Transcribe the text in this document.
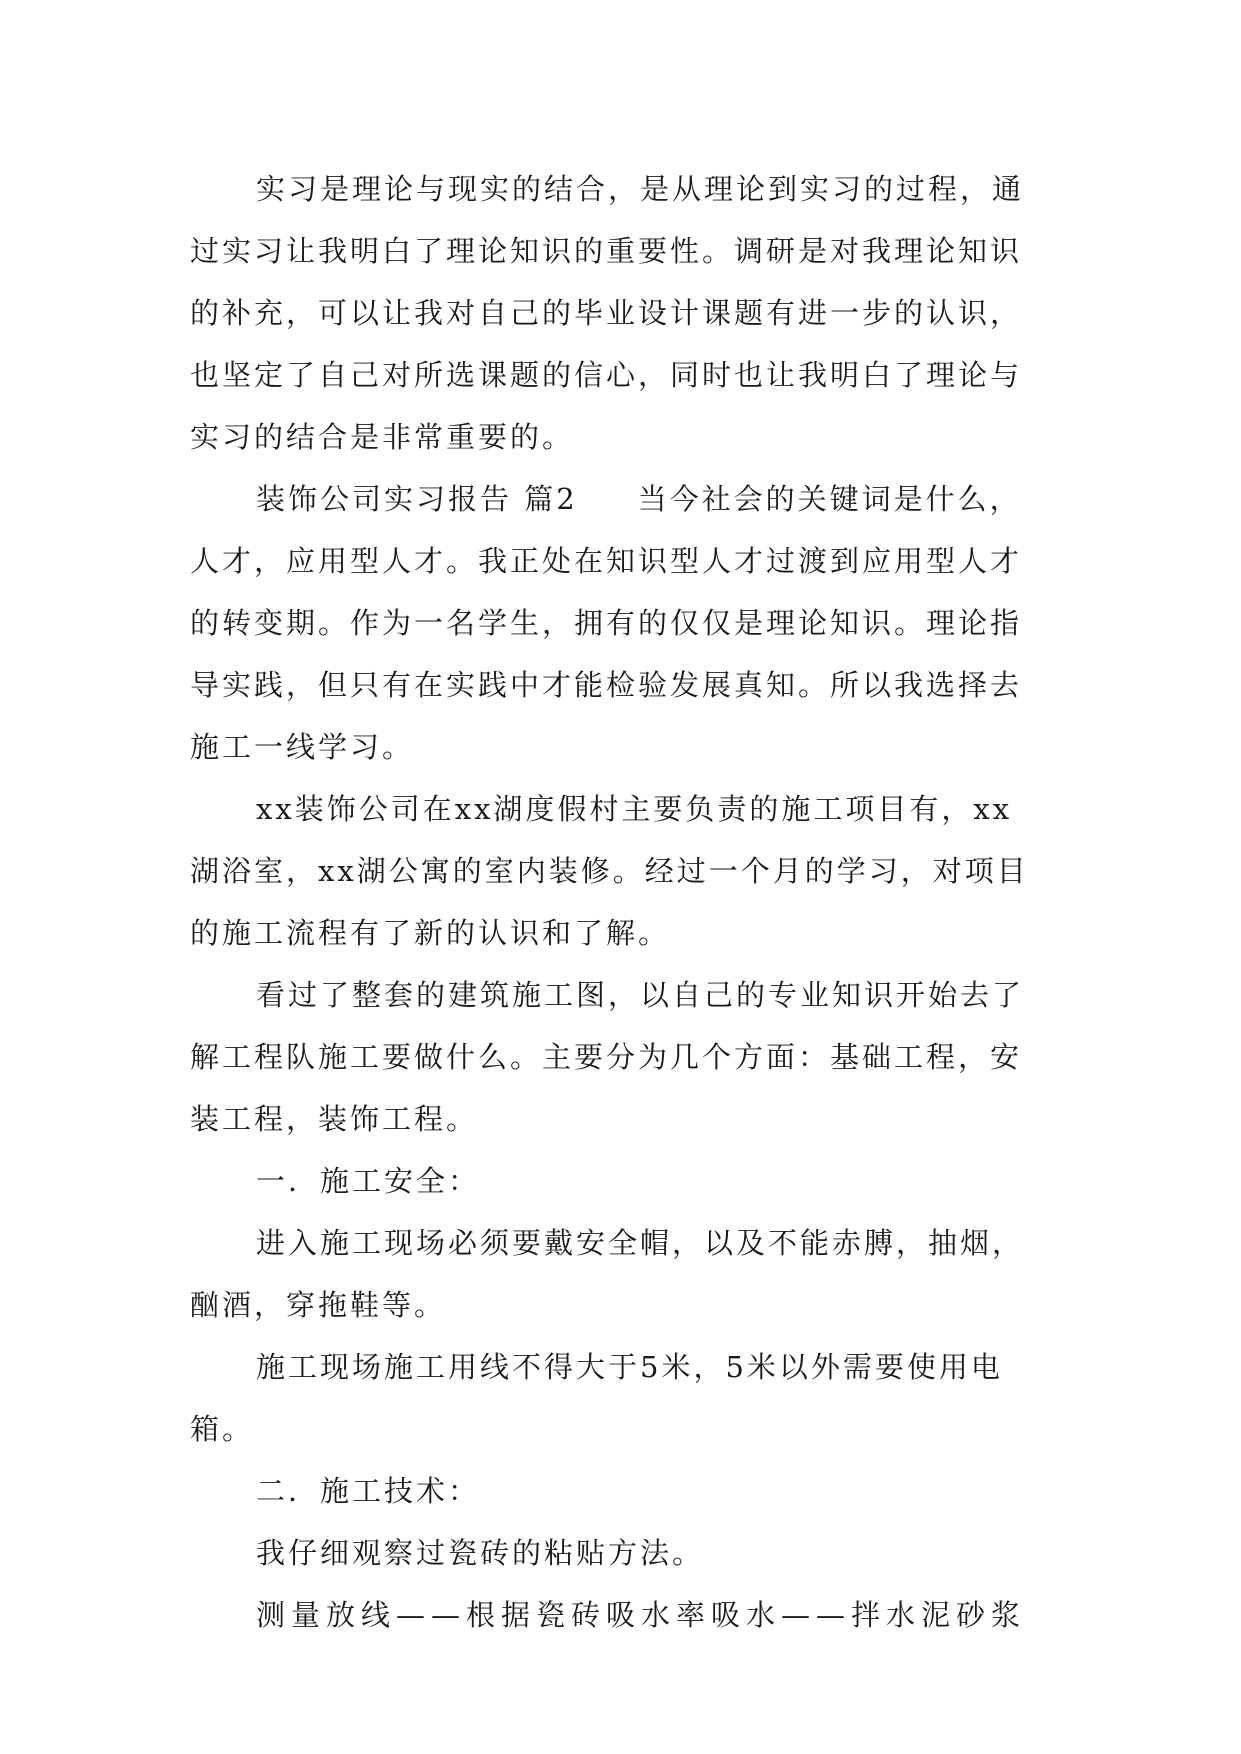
实习是理论与现实的结合，是从理论到实习的过程，通
过实习让我明白了理论知识的重要性。调研是对我理论知识
的补充，可以让我对自己的毕业设计课题有进一步的认识，
也坚定了自己对所选课题的信心，同时也让我明白了理论与
实习的结合是非常重要的。
装饰公司实习报告 篇2 当今社会的关键词是什么，
人才，应用型人才。我正处在知识型人才过渡到应用型人才
的转变期。作为一名学生，拥有的仅仅是理论知识。理论指
导实践，但只有在实践中才能检验发展真知。所以我选择去
施工一线学习。
xx装饰公司在xx湖度假村主要负责的施工项目有，xx
湖浴室，xx湖公寓的室内装修。经过一个月的学习，对项目
的施工流程有了新的认识和了解。
看过了整套的建筑施工图，以自己的专业知识开始去了
解工程队施工要做什么。主要分为几个方面：基础工程，安
装工程，装饰工程。
一．施工安全：
进入施工现场必须要戴安全帽，以及不能赤膊，抽烟，
酗酒，穿拖鞋等。
施工现场施工用线不得大于5米，5米以外需要使用电
箱。
二．施工技术：
我仔细观察过瓷砖的粘贴方法。
测量放线——根据瓷砖吸水率吸水——拌水泥砂浆
